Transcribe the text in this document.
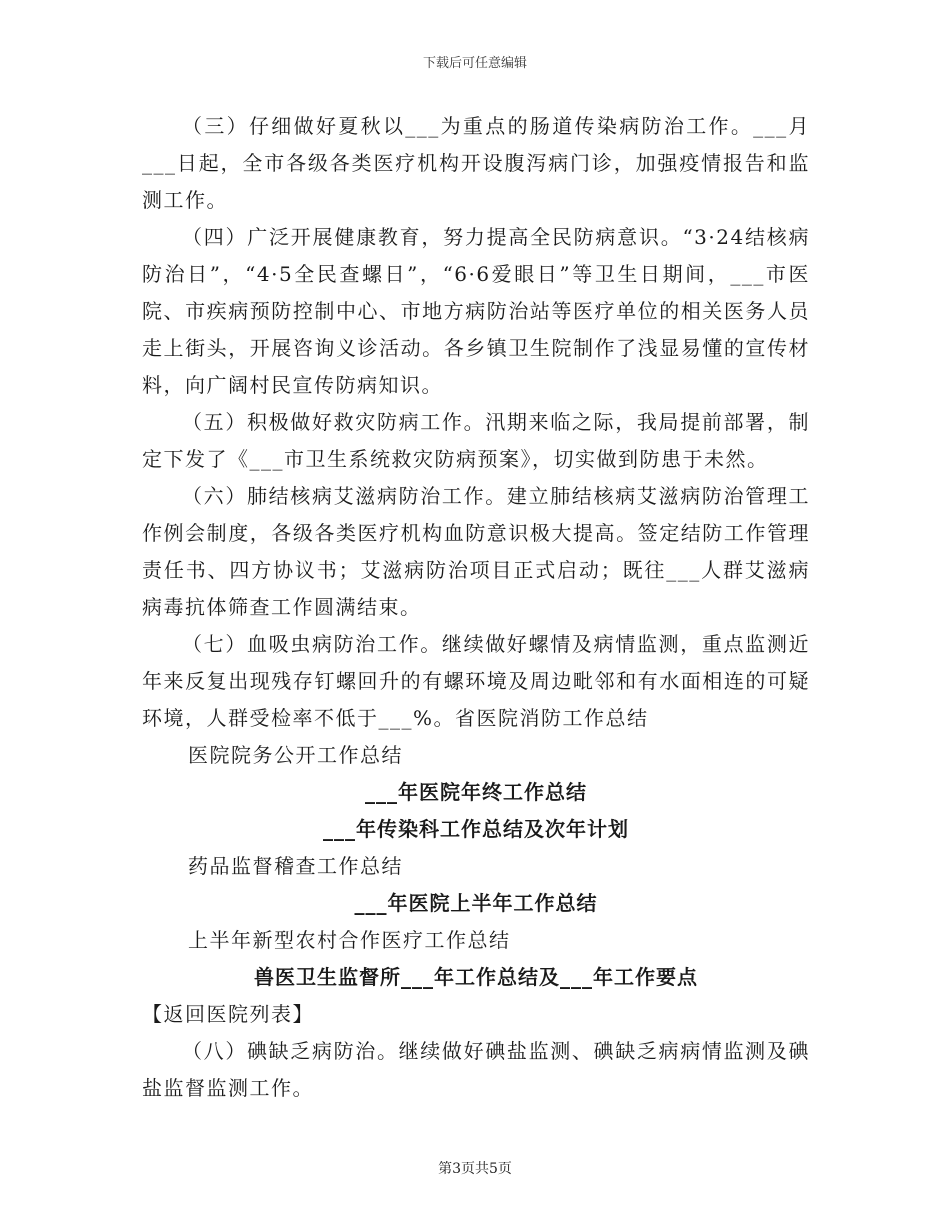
下载后可任意编辑

（三）仔细做好夏秋以___为重点的肠道传染病防治工作。___月___日起，全市各级各类医疗机构开设腹泻病门诊，加强疫情报告和监测工作。

（四）广泛开展健康教育，努力提高全民防病意识。“3·24结核病防治日”，“4·5全民查螺日”，“6·6爱眼日”等卫生日期间，___市医院、市疾病预防控制中心、市地方病防治站等医疗单位的相关医务人员走上街头，开展咨询义诊活动。各乡镇卫生院制作了浅显易懂的宣传材料，向广阔村民宣传防病知识。

（五）积极做好救灾防病工作。汛期来临之际，我局提前部署，制定下发了《___市卫生系统救灾防病预案》，切实做到防患于未然。

（六）肺结核病艾滋病防治工作。建立肺结核病艾滋病防治管理工作例会制度，各级各类医疗机构血防意识极大提高。签定结防工作管理责任书、四方协议书；艾滋病防治项目正式启动；既往___人群艾滋病病毒抗体筛查工作圆满结束。

（七）血吸虫病防治工作。继续做好螺情及病情监测，重点监测近年来反复出现残存钉螺回升的有螺环境及周边毗邻和有水面相连的可疑环境，人群受检率不低于___%。省医院消防工作总结

医院院务公开工作总结

___年医院年终工作总结

___年传染科工作总结及次年计划

药品监督稽查工作总结

___年医院上半年工作总结

上半年新型农村合作医疗工作总结

兽医卫生监督所___年工作总结及___年工作要点

【返回医院列表】

（八）碘缺乏病防治。继续做好碘盐监测、碘缺乏病病情监测及碘盐监督监测工作。

第3页共5页
